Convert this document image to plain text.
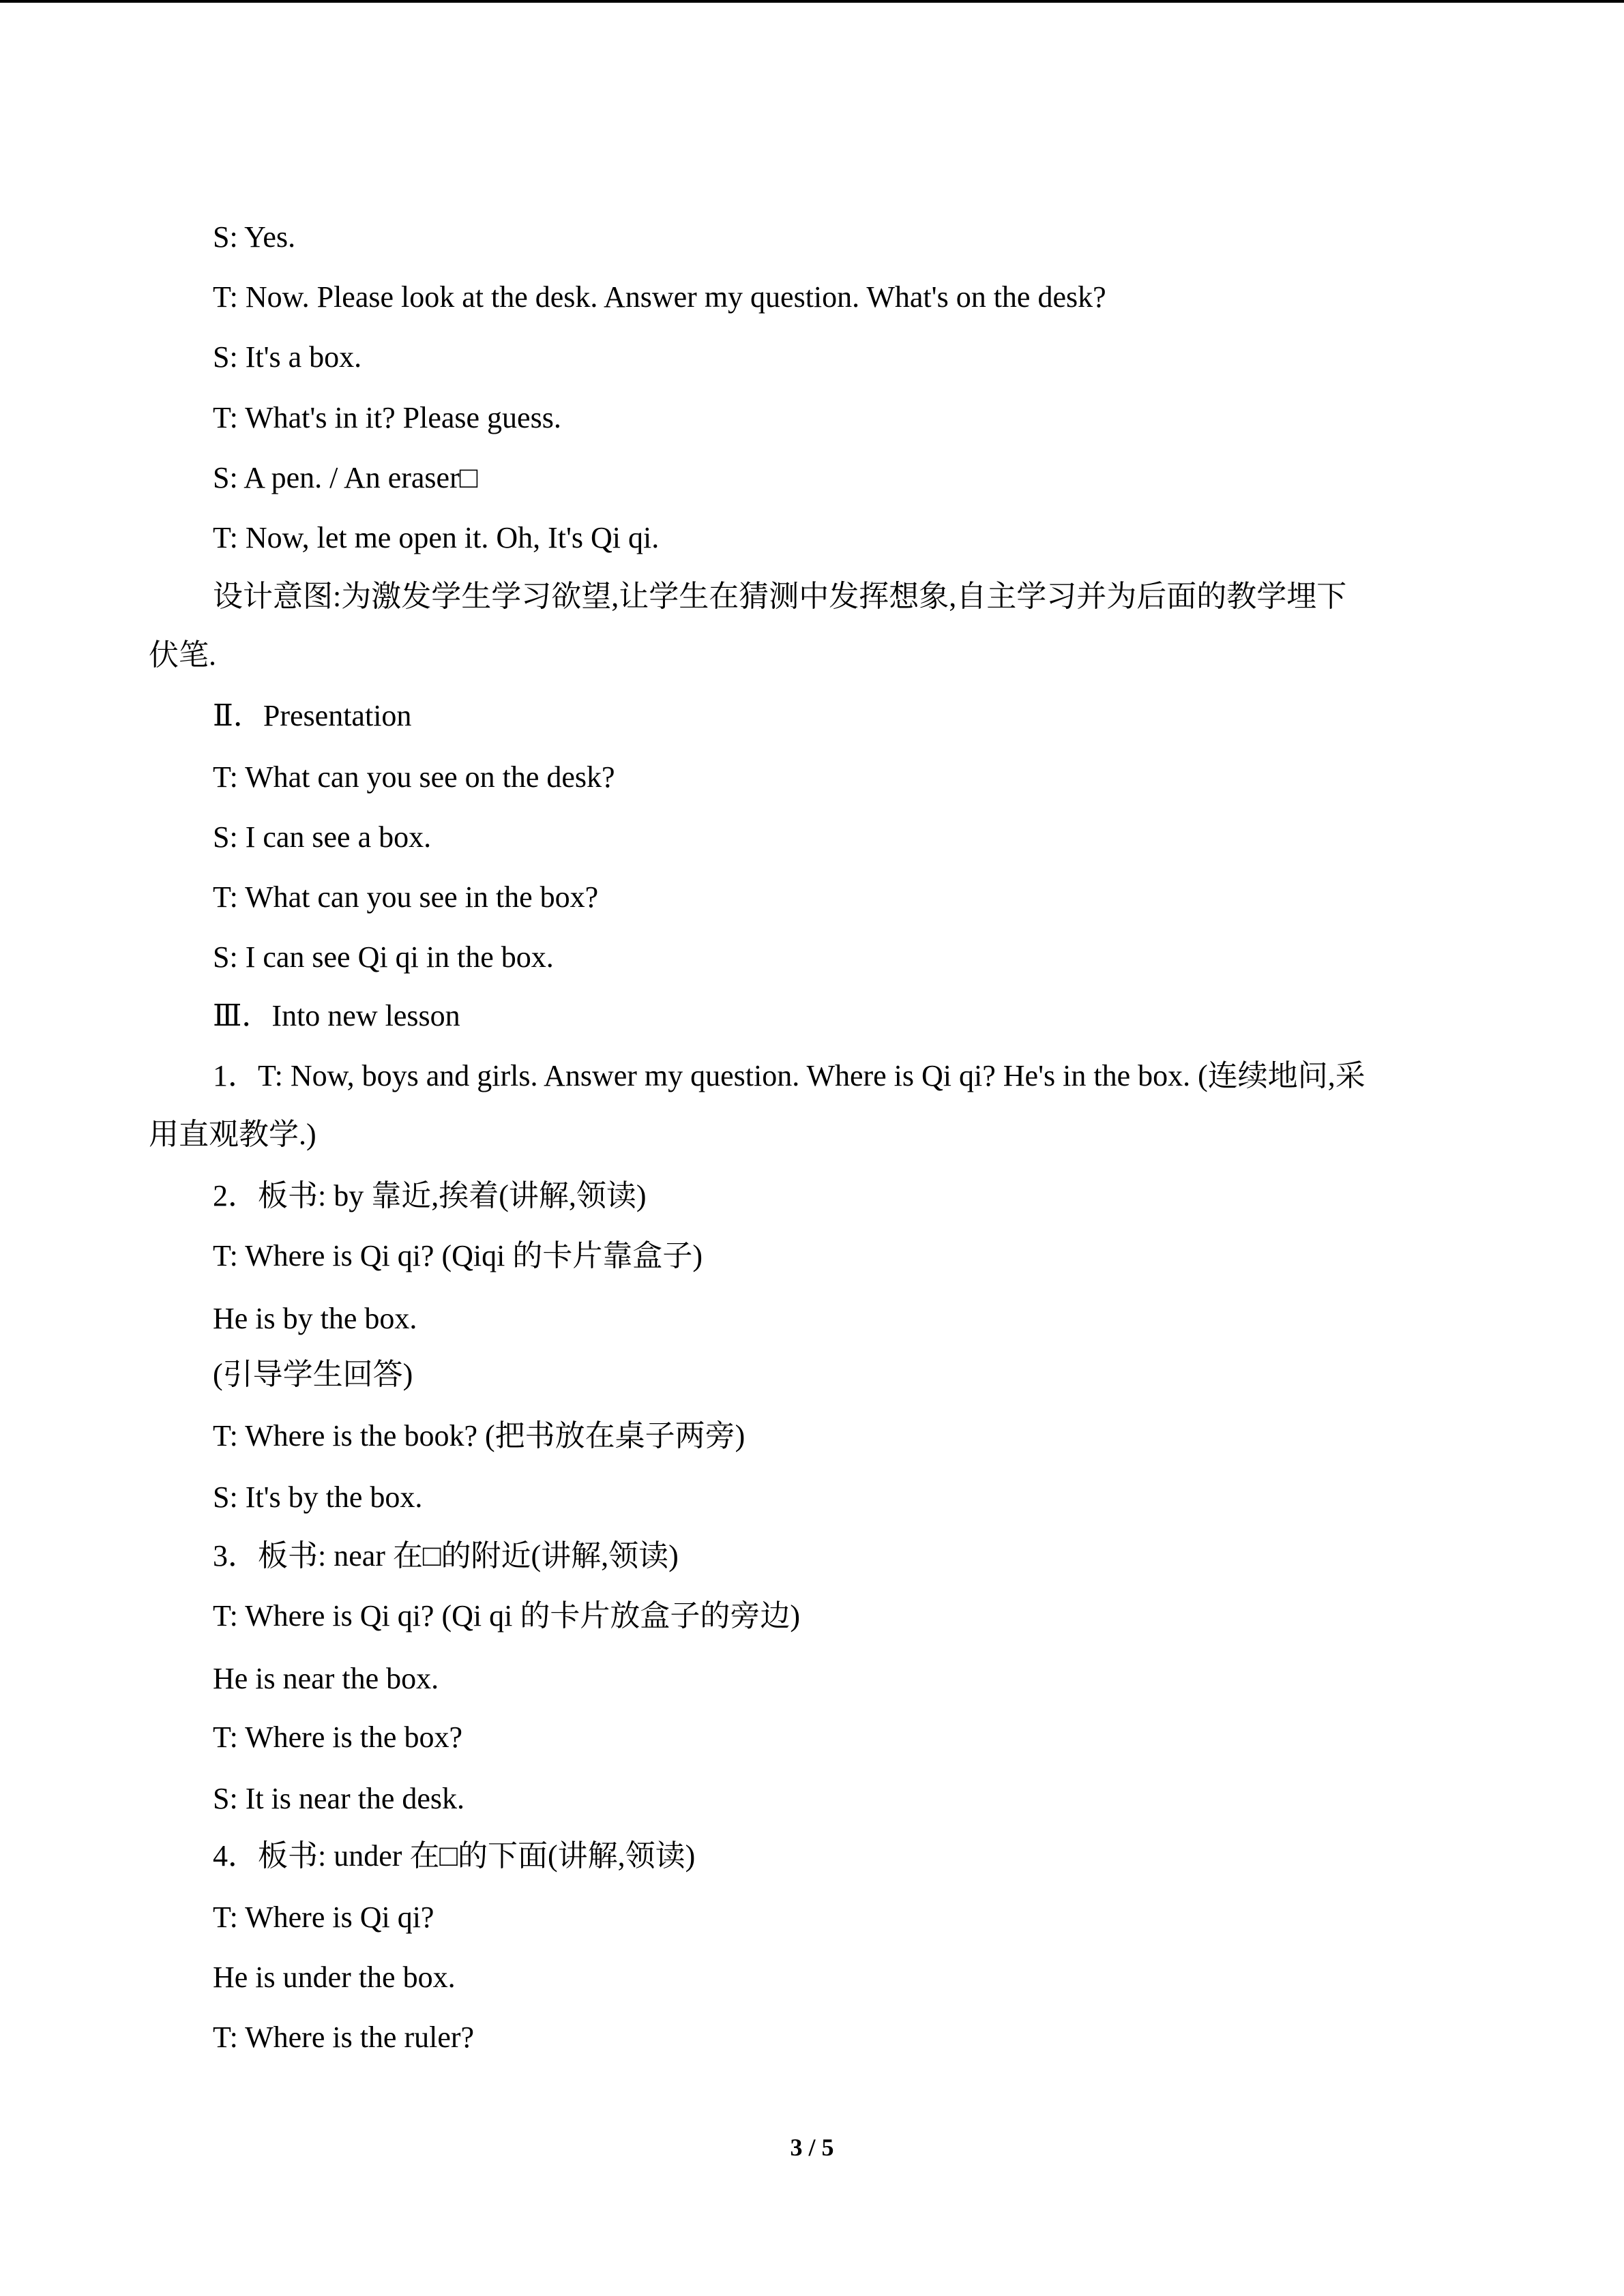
S: Yes.
T: Now. Please look at the desk. Answer my question. What's on the desk?
S: It's a box.
T: What's in it? Please guess.
S: A pen. / An eraser□
T: Now, let me open it. Oh, It's Qi qi.
设计意图:为激发学生学习欲望,让学生在猜测中发挥想象,自主学习并为后面的教学埋下
伏笔.
Ⅱ．Presentation
T: What can you see on the desk?
S: I can see a box.
T: What can you see in the box?
S: I can see Qi qi in the box.
Ⅲ．Into new lesson
1．T: Now, boys and girls. Answer my question. Where is Qi qi? He's in the box. (连续地问,采
用直观教学.)
2．板书: by 靠近,挨着(讲解,领读)
T: Where is Qi qi? (Qiqi 的卡片靠盒子)
He is by the box.
(引导学生回答)
T: Where is the book? (把书放在桌子两旁)
S: It's by the box.
3．板书: near 在□的附近(讲解,领读)
T: Where is Qi qi? (Qi qi 的卡片放盒子的旁边)
He is near the box.
T: Where is the box?
S: It is near the desk.
4．板书: under 在□的下面(讲解,领读)
T: Where is Qi qi?
He is under the box.
T: Where is the ruler?
3 / 5
